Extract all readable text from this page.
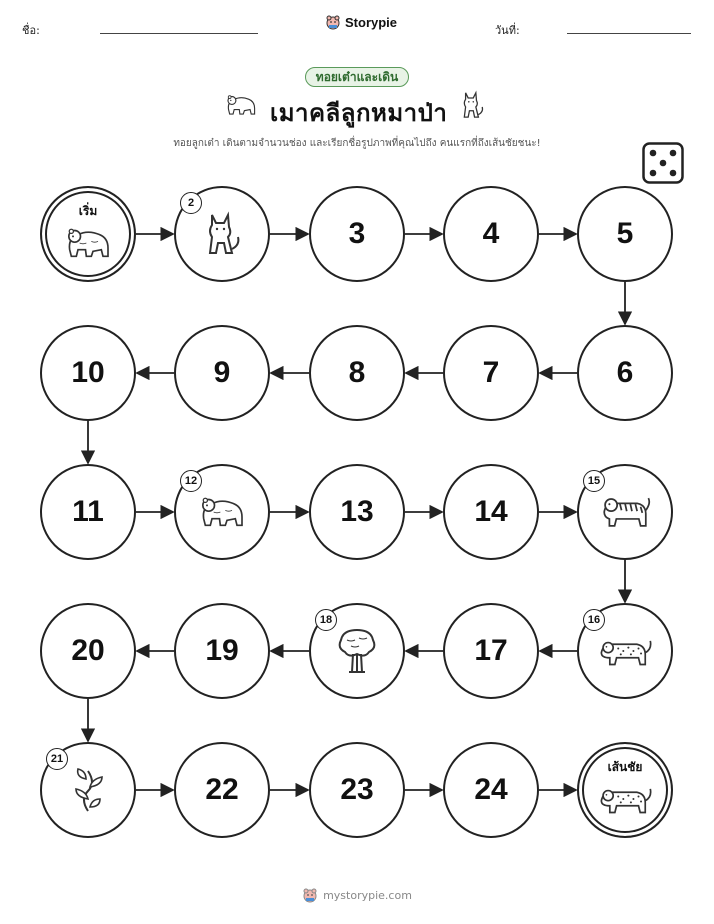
ชื่อ:
Storypie
วันที่:
ทอยเต๋าและเดิน
เมาคลีลูกหมาป่า
ทอยลูกเต๋า เดินตามจำนวนช่อง และเรียกชื่อรูปภาพที่คุณไปถึง คนแรกที่ถึงเส้นชัยชนะ!
เริ่ม
2
3	4	5
6
7
8
9
10
11
12
13	14
15
16
17
18
19
20
21
22	23	24
เส้นชัย
mystorypie.com
